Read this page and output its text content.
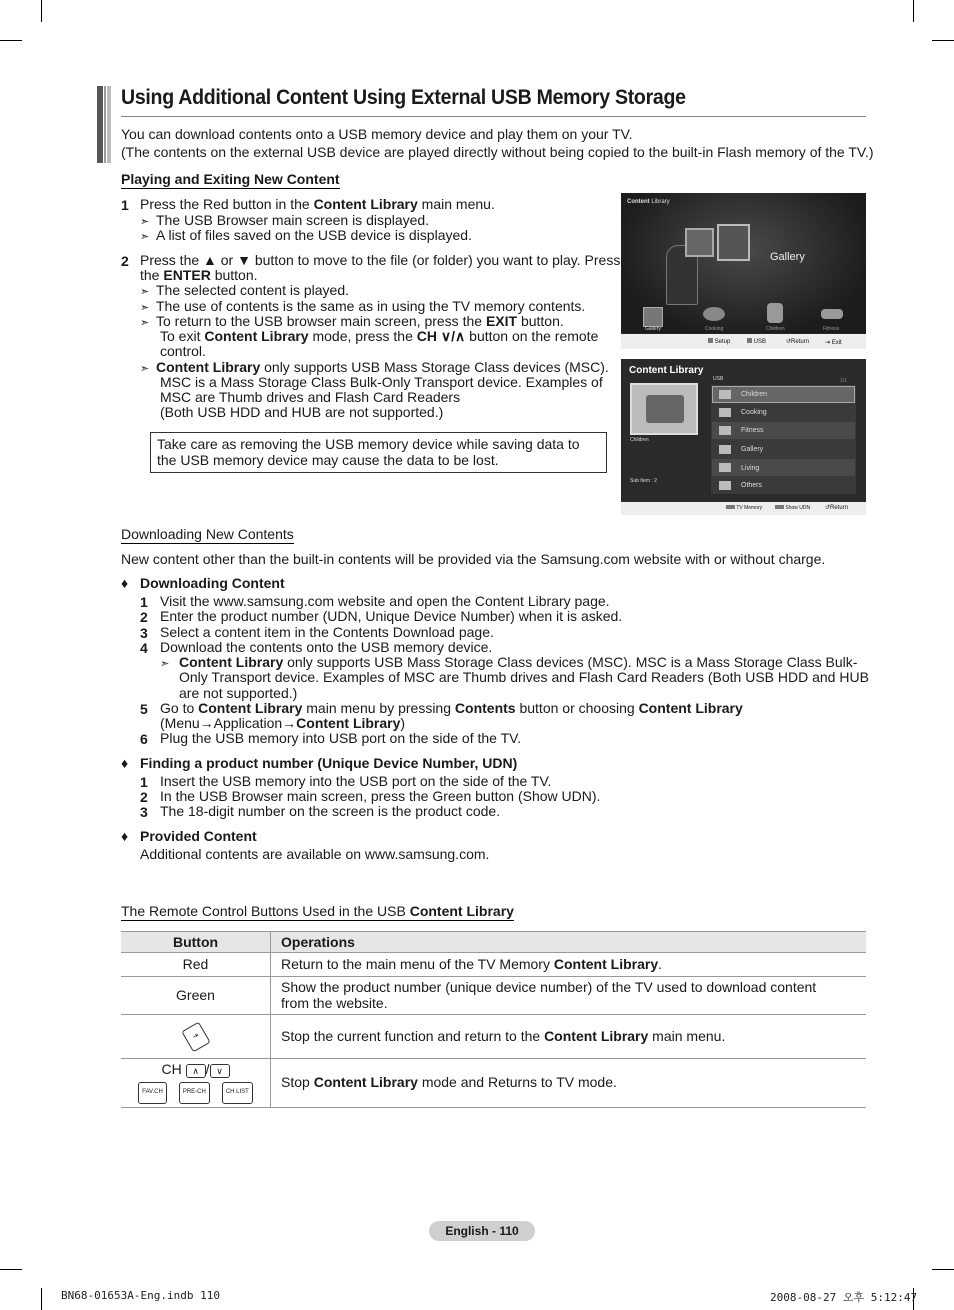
Using Additional Content Using External USB Memory Storage
You can download contents onto a USB memory device and play them on your TV.
(The contents on the external USB device are played directly without being copied to the built-in Flash memory of the TV.)
Playing and Exiting New Content
1 Press the Red button in the Content Library main menu.
➣ The USB Browser main screen is displayed.
➣ A list of files saved on the USB device is displayed.
2 Press the ▲ or ▼ button to move to the file (or folder) you want to play. Press
the ENTER button.
➣ The selected content is played.
➣ The use of contents is the same as in using the TV memory contents.
➣ To return to the USB browser main screen, press the EXIT button.
To exit Content Library mode, press the CH ∨/∧ button on the remote
control.
➣ Content Library only supports USB Mass Storage Class devices (MSC).
MSC is a Mass Storage Class Bulk-Only Transport device. Examples of
MSC are Thumb drives and Flash Card Readers
(Both USB HDD and HUB are not supported.)
Take care as removing the USB memory device while saving data to the USB memory device may cause the data to be lost.
Content Library
Gallery
Gallery	Cooking	Children	Fitness
Setup	USB	↺Return	⇥ Exit
Content Library
Children
Sub Item : 2
USB	1/1
Children
Cooking
Fitness
Gallery
Living
Others
TV Memory	Show UDN ↺Return
Downloading New Contents
New content other than the built-in contents will be provided via the Samsung.com website with or without charge.
♦ Downloading Content
1 Visit the www.samsung.com website and open the Content Library page.
2 Enter the product number (UDN, Unique Device Number) when it is asked.
3 Select a content item in the Contents Download page.
4 Download the contents onto the USB memory device.
➣ Content Library only supports USB Mass Storage Class devices (MSC). MSC is a Mass Storage Class Bulk-
Only Transport device. Examples of MSC are Thumb drives and Flash Card Readers (Both USB HDD and HUB
are not supported.)
5 Go to Content Library main menu by pressing Contents button or choosing Content Library
(Menu→Application→Content Library)
6 Plug the USB memory into USB port on the side of the TV.
♦ Finding a product number (Unique Device Number, UDN)
1 Insert the USB memory into the USB port on the side of the TV.
2 In the USB Browser main screen, press the Green button (Show UDN).
3 The 18-digit number on the screen is the product code.
♦ Provided Content
Additional contents are available on www.samsung.com.
The Remote Control Buttons Used in the USB Content Library
Button	Operations
Red	Return to the main menu of the TV Memory Content Library.
Green	Show the product number (unique device number) of the TV used to download content
from the website.
⇥	Stop the current function and return to the Content Library main menu.

CH ∧ / ∨
FAV.CH PRE-CH CH LIST	Stop Content Library mode and Returns to TV mode.
English - 110
BN68-01653A-Eng.indb 110	2008-08-27 오후 5:12:47
